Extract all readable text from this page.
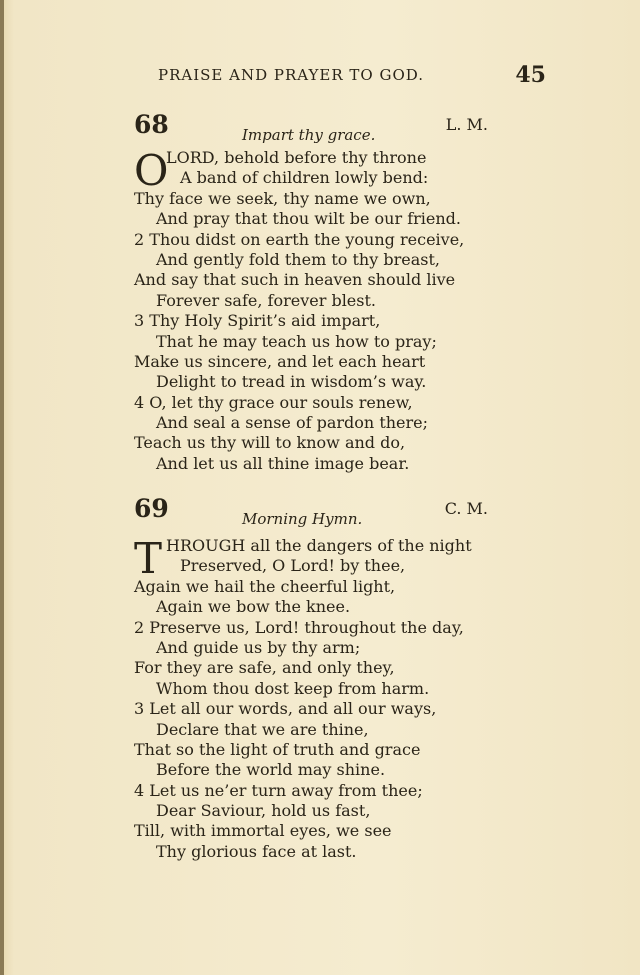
PRAISE AND PRAYER TO GOD.	45
68	Impart thy grace.
L. M.
O
LORD, behold before thy throne
A band of children lowly bend:
Thy face we seek, thy name we own,
And pray that thou wilt be our friend.
2 Thou didst on earth the young receive,
And gently fold them to thy breast,
And say that such in heaven should live
Forever safe, forever blest.
3 Thy Holy Spirit’s aid impart,
That he may teach us how to pray;
Make us sincere, and let each heart
Delight to tread in wisdom’s way.
4 O, let thy grace our souls renew,
And seal a sense of pardon there;
Teach us thy will to know and do,
And let us all thine image bear.
69	Morning Hymn.
C. M.
T HROUGH all the dangers of the night
Preserved, O Lord! by thee,
Again we hail the cheerful light,
Again we bow the knee.
2 Preserve us, Lord! throughout the day,
And guide us by thy arm;
For they are safe, and only they,
Whom thou dost keep from harm.
3 Let all our words, and all our ways,
Declare that we are thine,
That so the light of truth and grace
Before the world may shine.
4 Let us ne’er turn away from thee;
Dear Saviour, hold us fast,
Till, with immortal eyes, we see
Thy glorious face at last.
